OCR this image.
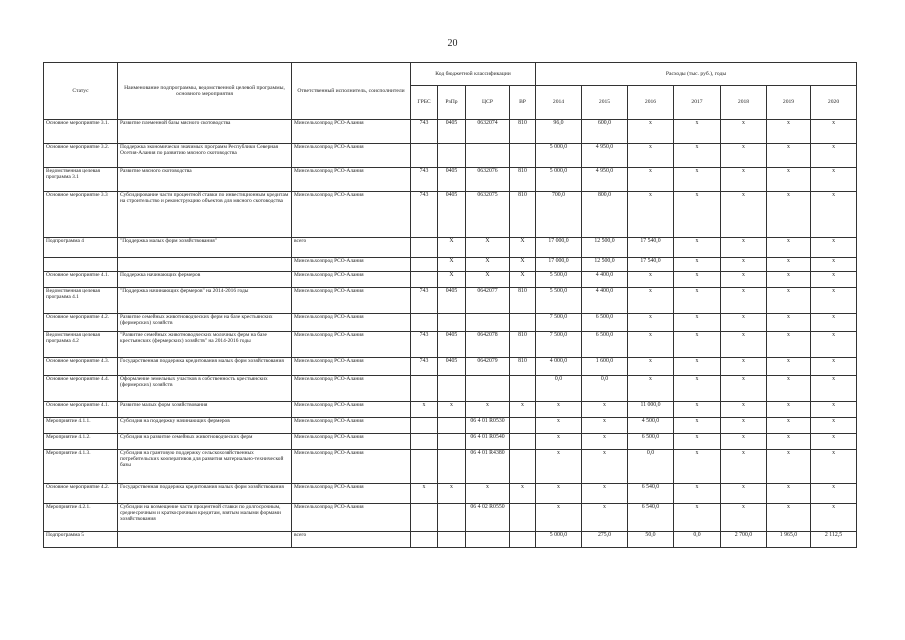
20
Статус	Наименование подпрограммы, ведомственной целевой программы, основного мероприятия	Ответственный исполнитель, соисполнители	Код бюджетной классификации				Расходы (тыс. руб.), годы						
			ГРБС	РзПр	ЦСР	ВР	2014	2015	2016	2017	2018	2019	2020
Основное мероприятие 3.1.	Развитие племенной базы мясного скотоводства	Минсельхозпрод РСО-Алания	743	0405	0632074	810	96,0	600,0	x	x	x	x	x
Основное мероприятие 3.2.	Поддержка экономически значимых программ Республики Северная Осетия-Алания по развитию мясного скотоводства	Минсельхозпрод РСО-Алания					5 000,0	4 950,0	x	x	x	x	x
Ведомственная целевая программа 3.1	Развитие мясного скотоводства	Минсельхозпрод РСО-Алания	743	0405	0632076	810	5 000,0	4 950,0	x	x	x	x	x
Основное мероприятие 3.3	Субсидирование части процентной ставки по инвестиционным кредитам на строительство и реконструкцию объектов для мясного скотоводства	Минсельхозпрод РСО-Алания	743	0405	0632075	810	700,0	800,0	x	x	x	x	x
Подпрограмма 4	"Поддержка малых форм хозяйствования"	всего		X	X	X	17 000,0	12 500,0	17 540,0	x	x	x	x
		Минсельхозпрод РСО-Алания		X	X	X	17 000,0	12 500,0	17 540,0	x	x	x	x
Основное мероприятие 4.1.	Поддержка начинающих фермеров	Минсельхозпрод РСО-Алания		X	X	X	5 500,0	4 400,0	x	x	x	x	x
Ведомственная целевая программа 4.1	"Поддержка начинающих фермеров" на 2014-2016 годы	Минсельхозпрод РСО-Алания	743	0405	0642077	810	5 500,0	4 400,0	x	x	x	x	x
Основное мероприятие 4.2.	Развитие семейных животноводческих ферм на базе крестьянских (фермерских) хозяйств	Минсельхозпрод РСО-Алания					7 500,0	6 500,0	x	x	x	x	x
Ведомственная целевая программа 4.2	"Развитие семейных животноводческих молочных ферм на базе крестьянских (фермерских) хозяйств" на 2014-2016 годы	Минсельхозпрод РСО-Алания	743	0405	0642078	810	7 500,0	6 500,0	x	x	x	x	x
Основное мероприятие 4.3.	Государственная поддержка кредитования малых форм хозяйствования	Минсельхозпрод РСО-Алания	743	0405	0642079	810	4 000,0	1 600,0	x	x	x	x	x
Основное мероприятие 4.4.	Оформление земельных участков в собственность крестьянских (фермерских) хозяйств	Минсельхозпрод РСО-Алания					0,0	0,0	x	x	x	x	x
Основное мероприятие 4.1.	Развитие малых форм хозяйствования	Минсельхозпрод РСО-Алания	x	x	x	x	x	x	11 000,0	x	x	x	x
Мероприятие 4.1.1.	Субсидия на поддержку начинающих фермеров	Минсельхозпрод РСО-Алания			06 4 01 R0530		x	x	4 500,0	x	x	x	x
Мероприятие 4.1.2.	Субсидия на развитие семейных животноводческих ферм	Минсельхозпрод РСО-Алания			06 4 01 R0540		x	x	6 500,0	x	x	x	x
Мероприятие 4.1.3.	Субсидия на грантовую поддержку сельскохозяйственных потребительских кооперативов для развития материально-технической базы	Минсельхозпрод РСО-Алания			06 4 01 R4380		x	x	0,0	x	x	x	x
Основное мероприятие 4.2.	Государственная поддержка кредитования малых форм хозяйствования	Минсельхозпрод РСО-Алания	x	x	x	x	x	x	6 540,0	x	x	x	x
Мероприятие 4.2.1.	Субсидии на возмещение части процентной ставки по долгосрочным, среднесрочным и краткосрочным кредитам, взятым малыми формами хозяйствования	Минсельхозпрод РСО-Алания			06 4 02 R0550		x	x	6 540,0	x	x	x	x
Подпрограмма 5		всего					5 000,0	275,0	50,0	0,0	2 700,0	1 965,0	2 112,5
